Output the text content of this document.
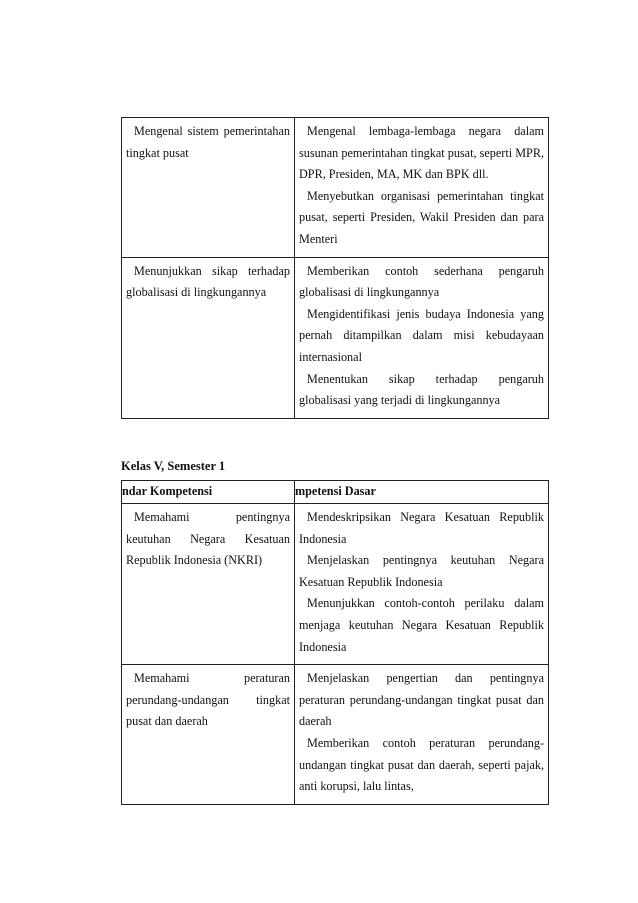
Mengenal sistem pemerintahan tingkat pusat

Mengenal lembaga-lembaga negara dalam susunan pemerintahan tingkat pusat, seperti MPR, DPR, Presiden, MA, MK dan BPK dll.

Menyebutkan organisasi pemerintahan tingkat pusat, seperti Presiden, Wakil Presiden dan para Menteri

Menunjukkan sikap terhadap globalisasi di lingkungannya

Memberikan contoh sederhana pengaruh globalisasi di lingkungannya

Mengidentifikasi jenis budaya Indonesia yang pernah ditampilkan dalam misi kebudayaan internasional

Menentukan sikap terhadap pengaruh globalisasi yang terjadi di lingkungannya

Kelas V, Semester 1

ndar Kompetensi	mpetensi Dasar

Memahami pentingnya keutuhan Negara Kesatuan Republik Indonesia (NKRI)

Mendeskripsikan Negara Kesatuan Republik Indonesia

Menjelaskan pentingnya keutuhan Negara Kesatuan Republik Indonesia

Menunjukkan contoh-contoh perilaku dalam menjaga keutuhan Negara Kesatuan Republik Indonesia

Memahami peraturan perundang-undangan tingkat pusat dan daerah

Menjelaskan pengertian dan pentingnya peraturan perundang-undangan tingkat pusat dan daerah

Memberikan contoh peraturan perundang-undangan tingkat pusat dan daerah, seperti pajak, anti korupsi, lalu lintas,
